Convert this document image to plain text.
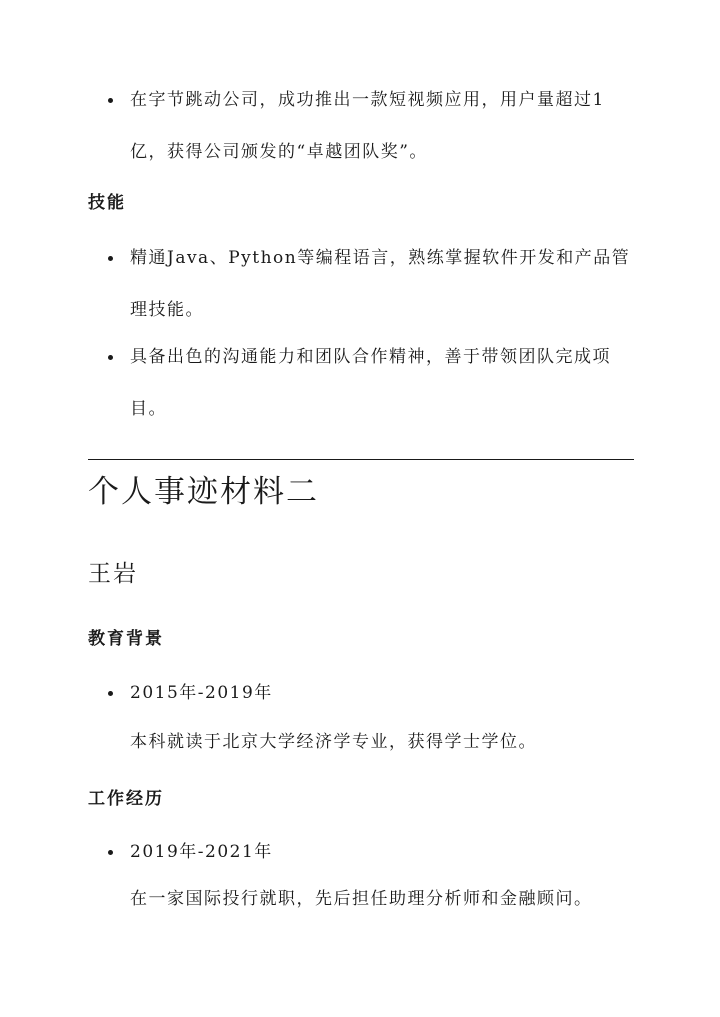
在字节跳动公司，成功推出一款短视频应用，用户量超过1亿，获得公司颁发的“卓越团队奖”。
技能
精通Java、Python等编程语言，熟练掌握软件开发和产品管理技能。
具备出色的沟通能力和团队合作精神，善于带领团队完成项目。
个人事迹材料二
王岩
教育背景
2015年-2019年
本科就读于北京大学经济学专业，获得学士学位。
工作经历
2019年-2021年
在一家国际投行就职，先后担任助理分析师和金融顾问。
